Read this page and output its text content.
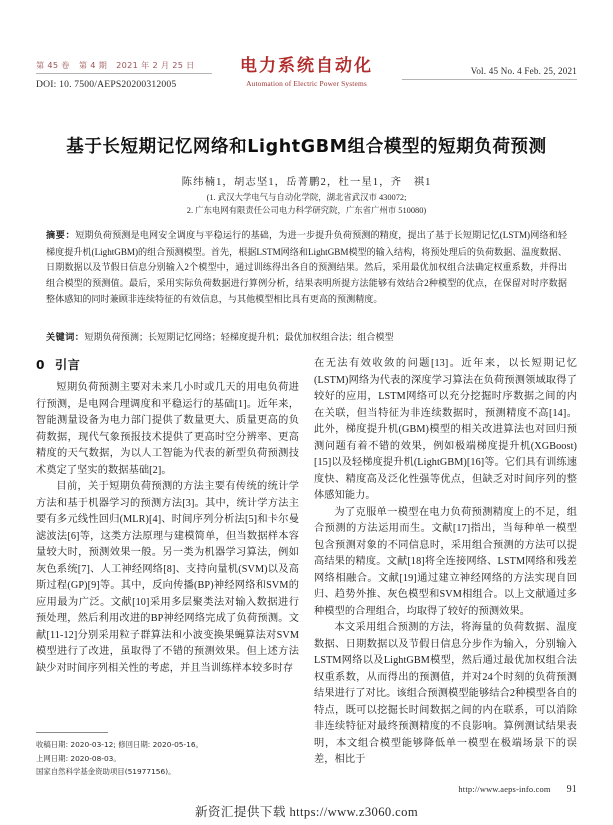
第 45 卷 第 4 期 2021 年 2 月 25 日
DOI: 10. 7500/AEPS20200312005
电力系统自动化
Automation of Electric Power Systems
Vol. 45 No. 4 Feb. 25, 2021
基于长短期记忆网络和LightGBM组合模型的短期负荷预测
陈纬楠1，胡志坚1，岳菁鹏2，杜一星1，齐　祺1
(1. 武汉大学电气与自动化学院，湖北省武汉市 430072;
2. 广东电网有限责任公司电力科学研究院，广东省广州市 510080)
摘要：短期负荷预测是电网安全调度与平稳运行的基础，为进一步提升负荷预测的精度，提出了基于长短期记忆(LSTM)网络和轻梯度提升机(LightGBM)的组合预测模型。首先，根据LSTM网络和LightGBM模型的输入结构，将预处理后的负荷数据、温度数据、日期数据以及节假日信息分别输入2个模型中，通过训练得出各自的预测结果。然后，采用最优加权组合法确定权重系数，并得出组合模型的预测值。最后，采用实际负荷数据进行算例分析，结果表明所提方法能够有效结合2种模型的优点，在保留对时序数据整体感知的同时兼顾非连续特征的有效信息，与其他模型相比具有更高的预测精度。
关键词：短期负荷预测；长短期记忆网络；轻梯度提升机；最优加权组合法；组合模型
0 引言

短期负荷预测主要对未来几小时或几天的用电负荷进行预测，是电网合理调度和平稳运行的基础[1]。近年来，智能测量设备为电力部门提供了数量更大、质量更高的负荷数据，现代气象预报技术提供了更高时空分辨率、更高精度的天气数据，为以人工智能为代表的新型负荷预测技术奠定了坚实的数据基础[2]。

目前，关于短期负荷预测的方法主要有传统的统计学方法和基于机器学习的预测方法[3]。其中，统计学方法主要有多元线性回归(MLR)[4]、时间序列分析法[5]和卡尔曼滤波法[6]等，这类方法原理与建模简单，但当数据样本容量较大时，预测效果一般。另一类为机器学习算法，例如灰色系统[7]、人工神经网络[8]、支持向量机(SVM)以及高斯过程(GP)[9]等。其中，反向传播(BP)神经网络和SVM的应用最为广泛。文献[10]采用多层聚类法对输入数据进行预处理，然后利用改进的BP神经网络完成了负荷预测。文献[11-12]分别采用粒子群算法和小波变换果蝇算法对SVM模型进行了改进，虽取得了不错的预测效果。但上述方法缺少对时间序列相关性的考虑，并且当训练样本较多时存

在无法有效收敛的问题[13]。近年来，以长短期记忆(LSTM)网络为代表的深度学习算法在负荷预测领域取得了较好的应用，LSTM网络可以充分挖掘时序数据之间的内在关联，但当特征为非连续数据时，预测精度不高[14]。此外，梯度提升机(GBM)模型的相关改进算法也对回归预测问题有着不错的效果，例如极端梯度提升机(XGBoost)[15]以及轻梯度提升机(LightGBM)[16]等。它们具有训练速度快、精度高及泛化性强等优点，但缺乏对时间序列的整体感知能力。

为了克服单一模型在电力负荷预测精度上的不足，组合预测的方法运用而生。文献[17]指出，当每种单一模型包含预测对象的不同信息时，采用组合预测的方法可以提高结果的精度。文献[18]将全连接网络、LSTM网络和残差网络相融合。文献[19]通过建立神经网络的方法实现自回归、趋势外推、灰色模型和SVM相组合。以上文献通过多种模型的合理组合，均取得了较好的预测效果。

本文采用组合预测的方法，将海量的负荷数据、温度数据、日期数据以及节假日信息分步作为输入，分别输入LSTM网络以及LightGBM模型，然后通过最优加权组合法权重系数，从而得出的预测值，并对24个时刻的负荷预测结果进行了对比。该组合预测模型能够结合2种模型各自的特点，既可以挖掘长时间数据之间的内在联系，可以消除非连续特征对最终预测精度的不良影响。算例测试结果表明，本文组合模型能够降低单一模型在极端场景下的误差，相比于

收稿日期: 2020-03-12; 修回日期: 2020-05-16。
上网日期: 2020-08-03。
国家自然科学基金资助项目(51977156)。
http://www.aeps-info.com 91
新资汇提供下载 https://www.z3060.com
